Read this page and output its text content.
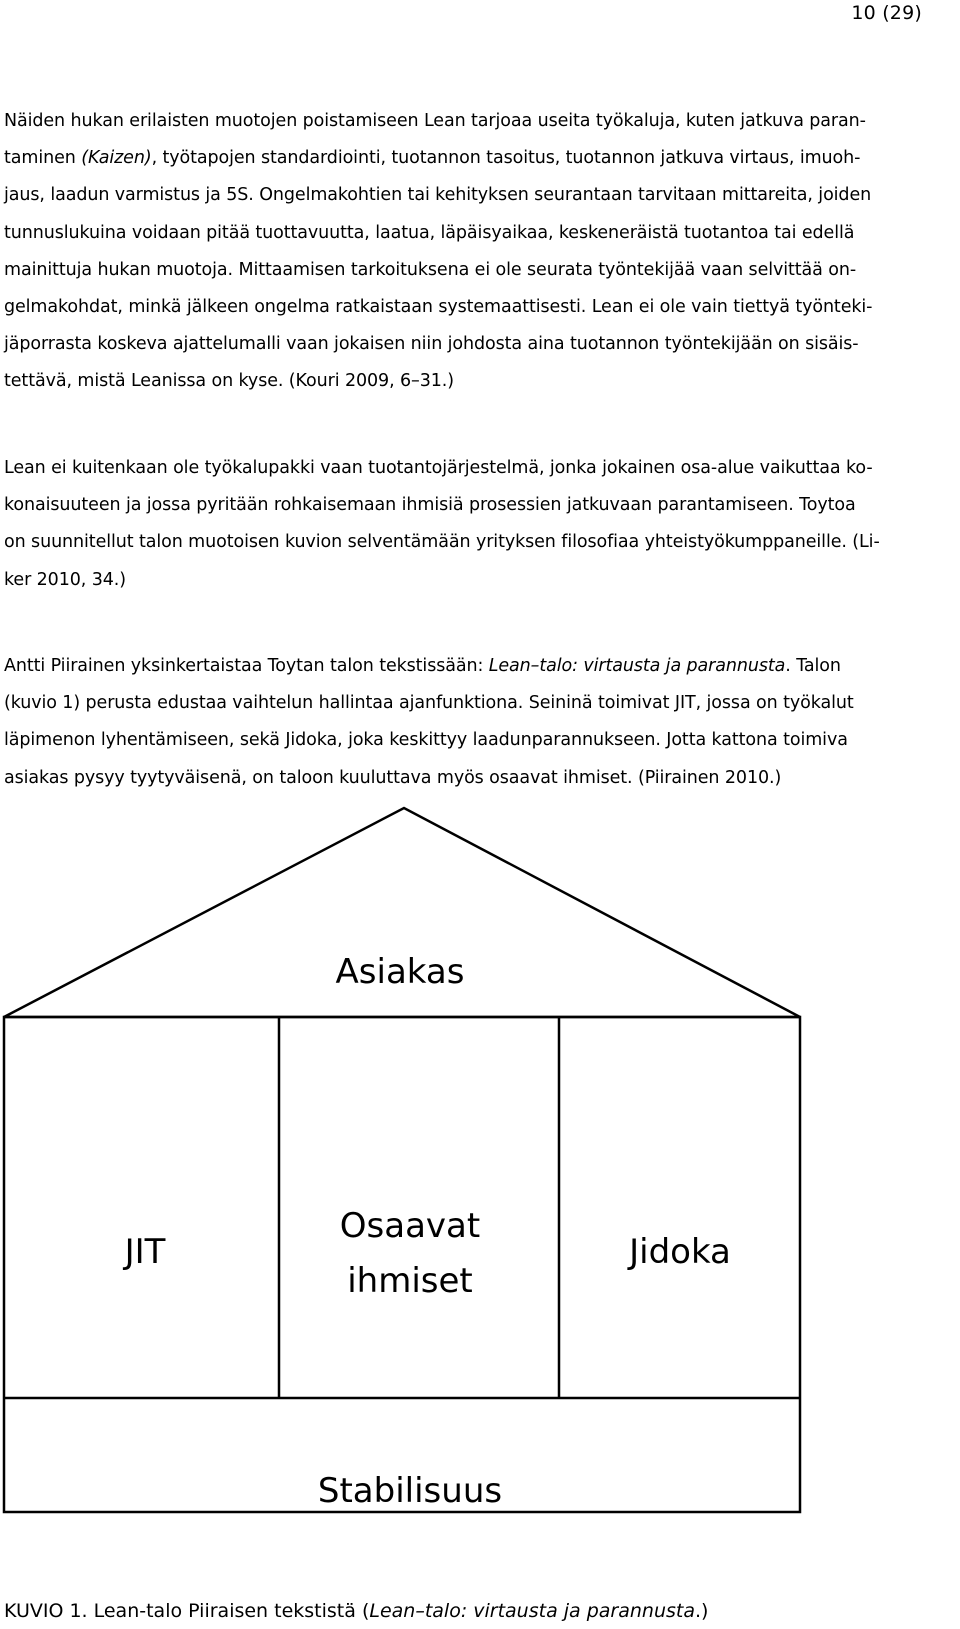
10 (29)

Näiden hukan erilaisten muotojen poistamiseen Lean tarjoaa useita työkaluja, kuten jatkuva paran-
taminen (Kaizen), työtapojen standardiointi, tuotannon tasoitus, tuotannon jatkuva virtaus, imuoh-
jaus, laadun varmistus ja 5S. Ongelmakohtien tai kehityksen seurantaan tarvitaan mittareita, joiden
tunnuslukuina voidaan pitää tuottavuutta, laatua, läpäisyaikaa, keskeneräistä tuotantoa tai edellä
mainittuja hukan muotoja. Mittaamisen tarkoituksena ei ole seurata työntekijää vaan selvittää on-
gelmakohdat, minkä jälkeen ongelma ratkaistaan systemaattisesti. Lean ei ole vain tiettyä työnteki-
jäporrasta koskeva ajattelumalli vaan jokaisen niin johdosta aina tuotannon työntekijään on sisäis-
tettävä, mistä Leanissa on kyse. (Kouri 2009, 6–31.)

Lean ei kuitenkaan ole työkalupakki vaan tuotantojärjestelmä, jonka jokainen osa-alue vaikuttaa ko-
konaisuuteen ja jossa pyritään rohkaisemaan ihmisiä prosessien jatkuvaan parantamiseen. Toytoa
on suunnitellut talon muotoisen kuvion selventämään yrityksen filosofiaa yhteistyökumppaneille. (Li-
ker 2010, 34.)

Antti Piirainen yksinkertaistaa Toytan talon tekstissään: Lean–talo: virtausta ja parannusta. Talon
(kuvio 1) perusta edustaa vaihtelun hallintaa ajanfunktiona. Seininä toimivat JIT, jossa on työkalut
läpimenon lyhentämiseen, sekä Jidoka, joka keskittyy laadunparannukseen. Jotta kattona toimiva
asiakas pysyy tyytyväisenä, on taloon kuuluttava myös osaavat ihmiset. (Piirainen 2010.)

Asiakas
JIT
Osaavat
ihmiset
Jidoka
Stabilisuus
KUVIO 1. Lean-talo Piiraisen tekstistä (Lean–talo: virtausta ja parannusta.)
